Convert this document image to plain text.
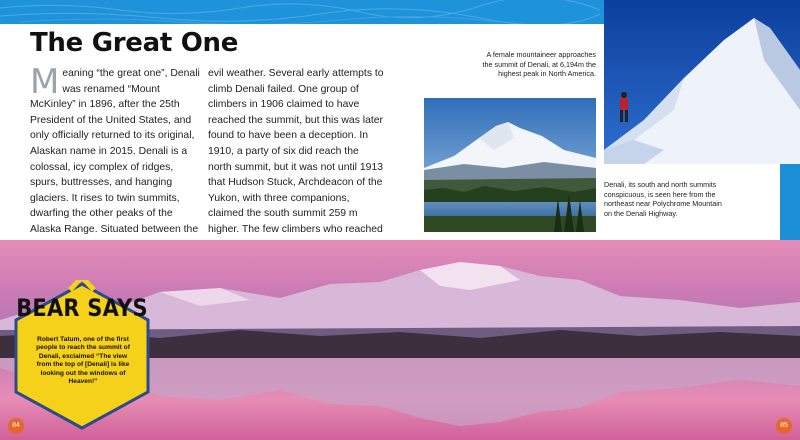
The Great One
Meaning “the great one”, Denali was renamed “Mount McKinley” in 1896, after the 25th President of the United States, and only officially returned to its original, Alaskan name in 2015. Denali is a colossal, icy complex of ridges, spurs, buttresses, and hanging glaciers. It rises to twin summits, dwarfing the other peaks of the Alaska Range. Situated between the
evil weather. Several early attempts to climb Denali failed. One group of climbers in 1906 claimed to have reached the summit, but this was later found to have been a deception. In 1910, a party of six did reach the north summit, but it was not until 1913 that Hudson Stuck, Archdeacon of the Yukon, with three companions, claimed the south summit 259 m higher. The few climbers who reached
A female mountaineer approaches the summit of Denali, at 6,194m the highest peak in North America.
Denali, its south and north summits conspicuous, is seen here from the northeast near Polychrome Mountain on the Denali Highway.
BEAR SAYS
Robert Tatum, one of the first people to reach the summit of Denali, exclaimed “The view from the top of [Denali] is like looking out the windows of Heaven!”
84	85
